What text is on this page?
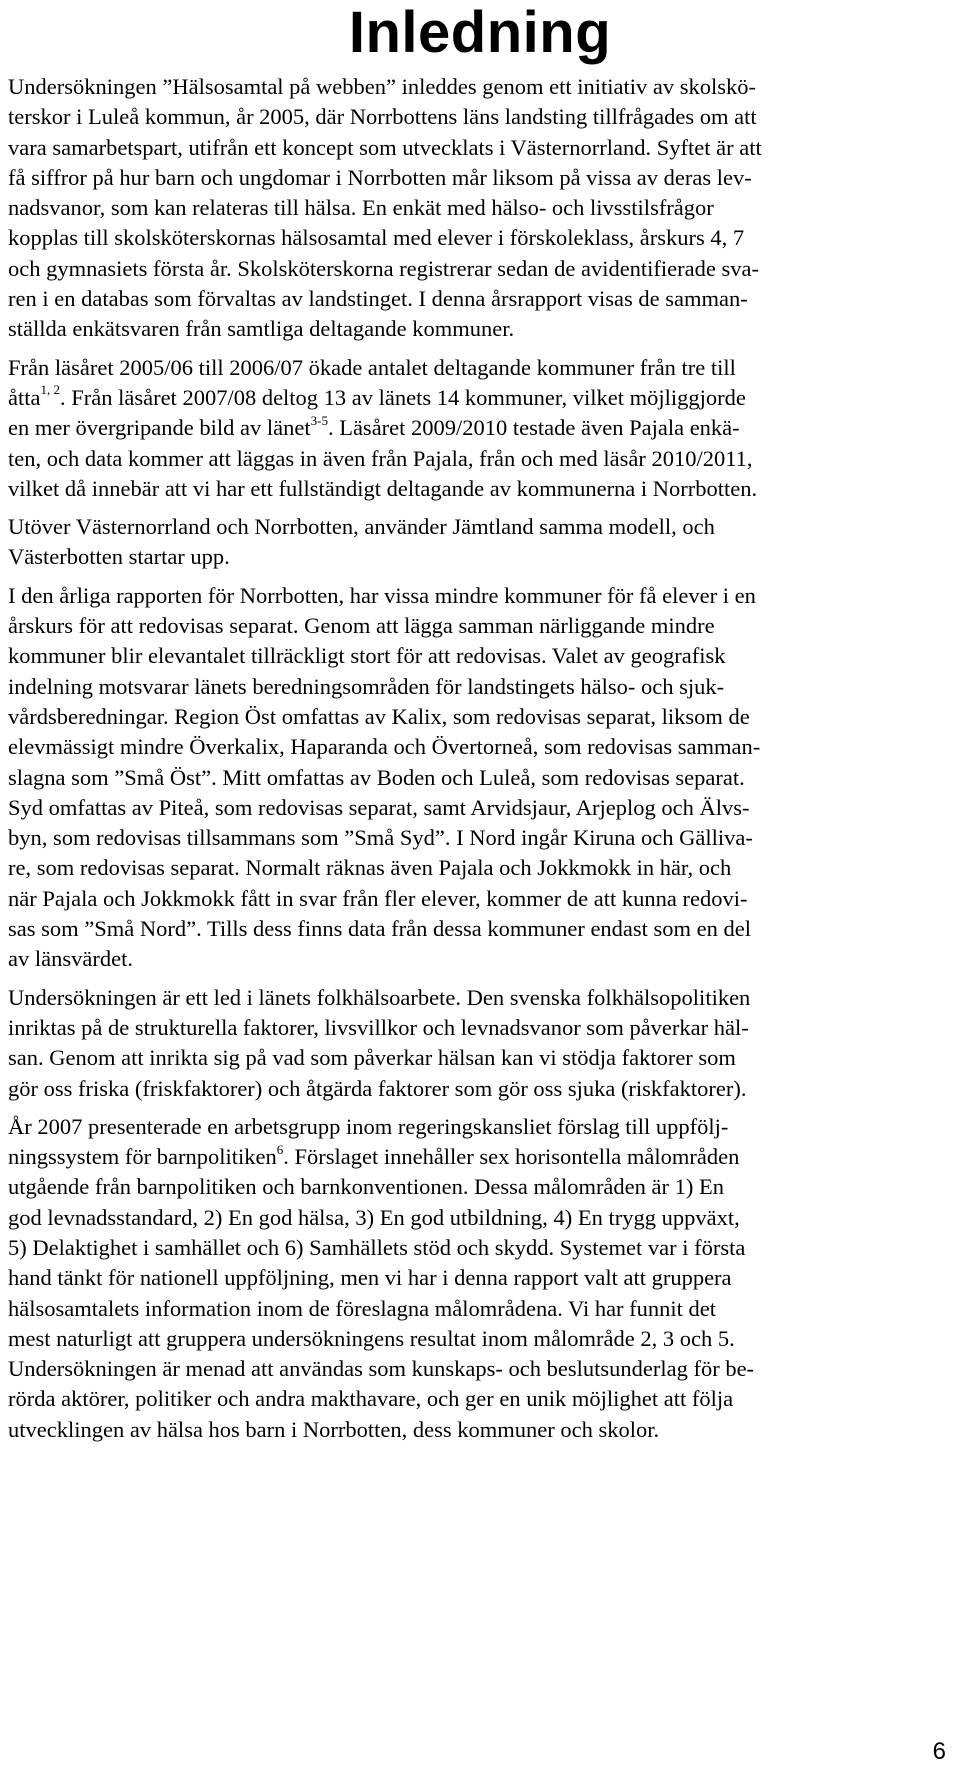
Inledning
Undersökningen ”Hälsosamtal på webben” inleddes genom ett initiativ av skolskö-
terskor i Luleå kommun, år 2005, där Norrbottens läns landsting tillfrågades om att
vara samarbetspart, utifrån ett koncept som utvecklats i Västernorrland. Syftet är att
få siffror på hur barn och ungdomar i Norrbotten mår liksom på vissa av deras lev-
nadsvanor, som kan relateras till hälsa. En enkät med hälso- och livsstilsfrågor
kopplas till skolsköterskornas hälsosamtal med elever i förskoleklass, årskurs 4, 7
och gymnasiets första år. Skolsköterskorna registrerar sedan de avidentifierade sva-
ren i en databas som förvaltas av landstinget. I denna årsrapport visas de samman-
ställda enkätsvaren från samtliga deltagande kommuner.
Från läsåret 2005/06 till 2006/07 ökade antalet deltagande kommuner från tre till
åtta$^{1, 2}$. Från läsåret 2007/08 deltog 13 av länets 14 kommuner, vilket möjliggjorde
en mer övergripande bild av länet$^{3-5}$. Läsåret 2009/2010 testade även Pajala enkä-
ten, och data kommer att läggas in även från Pajala, från och med läsår 2010/2011,
vilket då innebär att vi har ett fullständigt deltagande av kommunerna i Norrbotten.
Utöver Västernorrland och Norrbotten, använder Jämtland samma modell, och
Västerbotten startar upp.
I den årliga rapporten för Norrbotten, har vissa mindre kommuner för få elever i en
årskurs för att redovisas separat. Genom att lägga samman närliggande mindre
kommuner blir elevantalet tillräckligt stort för att redovisas. Valet av geografisk
indelning motsvarar länets beredningsområden för landstingets hälso- och sjuk-
vårdsberedningar. Region Öst omfattas av Kalix, som redovisas separat, liksom de
elevmässigt mindre Överkalix, Haparanda och Övertorneå, som redovisas samman-
slagna som ”Små Öst”. Mitt omfattas av Boden och Luleå, som redovisas separat.
Syd omfattas av Piteå, som redovisas separat, samt Arvidsjaur, Arjeplog och Älvs-
byn, som redovisas tillsammans som ”Små Syd”. I Nord ingår Kiruna och Gälliva-
re, som redovisas separat. Normalt räknas även Pajala och Jokkmokk in här, och
när Pajala och Jokkmokk fått in svar från fler elever, kommer de att kunna redovi-
sas som ”Små Nord”. Tills dess finns data från dessa kommuner endast som en del
av länsvärdet.
Undersökningen är ett led i länets folkhälsoarbete. Den svenska folkhälsopolitiken
inriktas på de strukturella faktorer, livsvillkor och levnadsvanor som påverkar häl-
san. Genom att inrikta sig på vad som påverkar hälsan kan vi stödja faktorer som
gör oss friska (friskfaktorer) och åtgärda faktorer som gör oss sjuka (riskfaktorer).
År 2007 presenterade en arbetsgrupp inom regeringskansliet förslag till uppfölj-
ningssystem för barnpolitiken$^6$. Förslaget innehåller sex horisontella målområden
utgående från barnpolitiken och barnkonventionen. Dessa målområden är 1) En
god levnadsstandard, 2) En god hälsa, 3) En god utbildning, 4) En trygg uppväxt,
5) Delaktighet i samhället och 6) Samhällets stöd och skydd. Systemet var i första
hand tänkt för nationell uppföljning, men vi har i denna rapport valt att gruppera
hälsosamtalets information inom de föreslagna målområdena. Vi har funnit det
mest naturligt att gruppera undersökningens resultat inom målområde 2, 3 och 5.
Undersökningen är menad att användas som kunskaps- och beslutsunderlag för be-
rörda aktörer, politiker och andra makthavare, och ger en unik möjlighet att följa
utvecklingen av hälsa hos barn i Norrbotten, dess kommuner och skolor.
6
